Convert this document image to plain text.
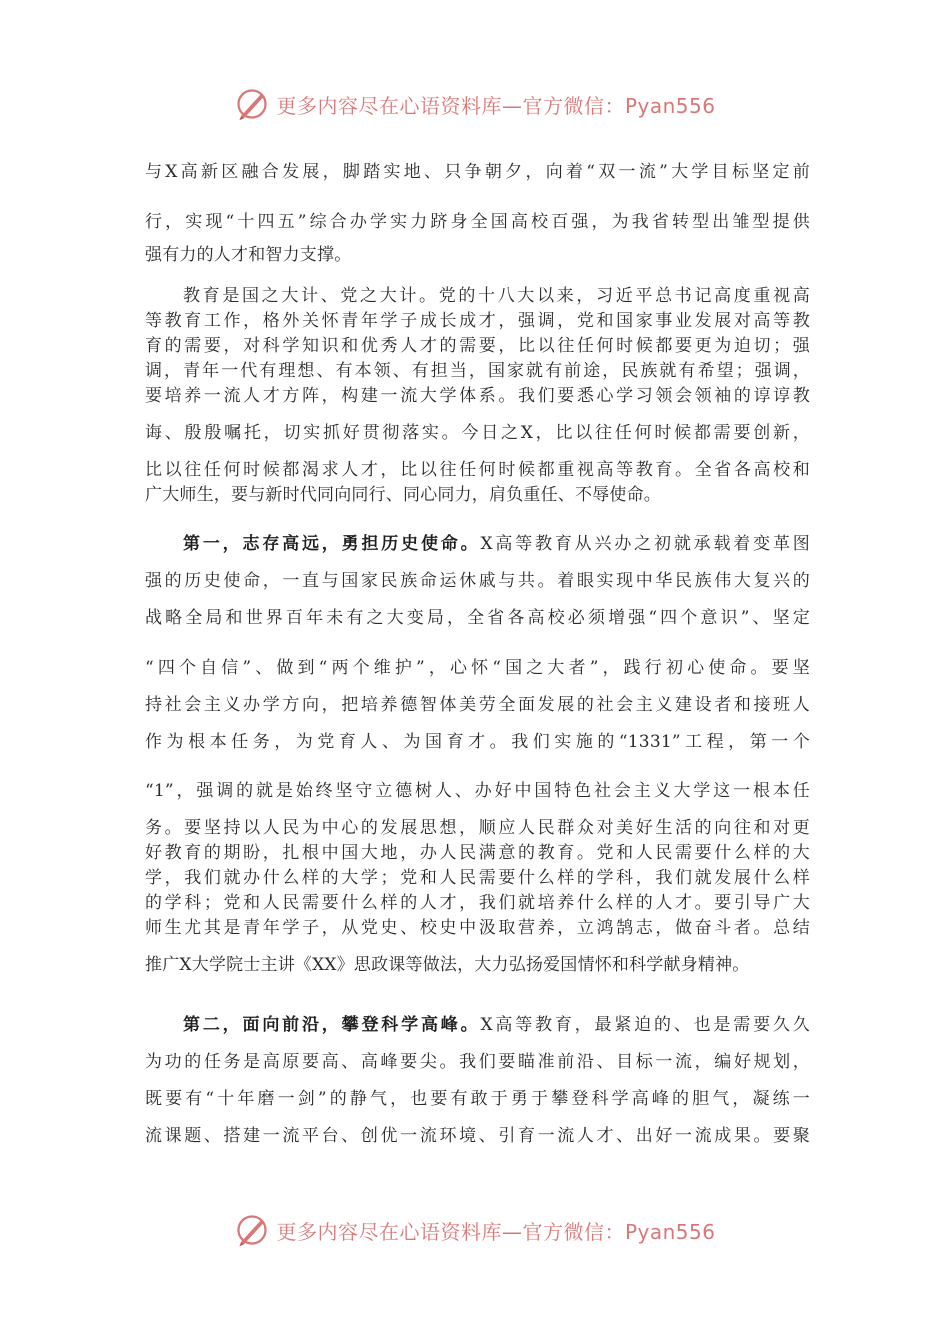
更多内容尽在心语资料库—官方微信：Pyan556
与X高新区融合发展，脚踏实地、只争朝夕，向着“双一流”大学目标坚定前
行，实现“十四五”综合办学实力跻身全国高校百强，为我省转型出雏型提供
强有力的人才和智力支撑。
教育是国之大计、党之大计。党的十八大以来，习近平总书记高度重视高
等教育工作，格外关怀青年学子成长成才，强调，党和国家事业发展对高等教
育的需要，对科学知识和优秀人才的需要，比以往任何时候都要更为迫切；强
调，青年一代有理想、有本领、有担当，国家就有前途，民族就有希望；强调，
要培养一流人才方阵，构建一流大学体系。我们要悉心学习领会领袖的谆谆教
诲、殷殷嘱托，切实抓好贯彻落实。今日之X，比以往任何时候都需要创新，
比以往任何时候都渴求人才，比以往任何时候都重视高等教育。全省各高校和
广大师生，要与新时代同向同行、同心同力，肩负重任、不辱使命。
第一，志存高远，勇担历史使命。X高等教育从兴办之初就承载着变革图
强的历史使命，一直与国家民族命运休戚与共。着眼实现中华民族伟大复兴的
战略全局和世界百年未有之大变局，全省各高校必须增强“四个意识”、坚定
“四个自信”、做到“两个维护”，心怀“国之大者”，践行初心使命。要坚
持社会主义办学方向，把培养德智体美劳全面发展的社会主义建设者和接班人
作为根本任务，为党育人、为国育才。我们实施的“1331”工程，第一个
“1”，强调的就是始终坚守立德树人、办好中国特色社会主义大学这一根本任
务。要坚持以人民为中心的发展思想，顺应人民群众对美好生活的向往和对更
好教育的期盼，扎根中国大地，办人民满意的教育。党和人民需要什么样的大
学，我们就办什么样的大学；党和人民需要什么样的学科，我们就发展什么样
的学科；党和人民需要什么样的人才，我们就培养什么样的人才。要引导广大
师生尤其是青年学子，从党史、校史中汲取营养，立鸿鹄志，做奋斗者。总结
推广X大学院士主讲《XX》思政课等做法，大力弘扬爱国情怀和科学献身精神。
第二，面向前沿，攀登科学高峰。X高等教育，最紧迫的、也是需要久久
为功的任务是高原要高、高峰要尖。我们要瞄准前沿、目标一流，编好规划，
既要有“十年磨一剑”的静气，也要有敢于勇于攀登科学高峰的胆气，凝练一
流课题、搭建一流平台、创优一流环境、引育一流人才、出好一流成果。要聚
更多内容尽在心语资料库—官方微信：Pyan556
